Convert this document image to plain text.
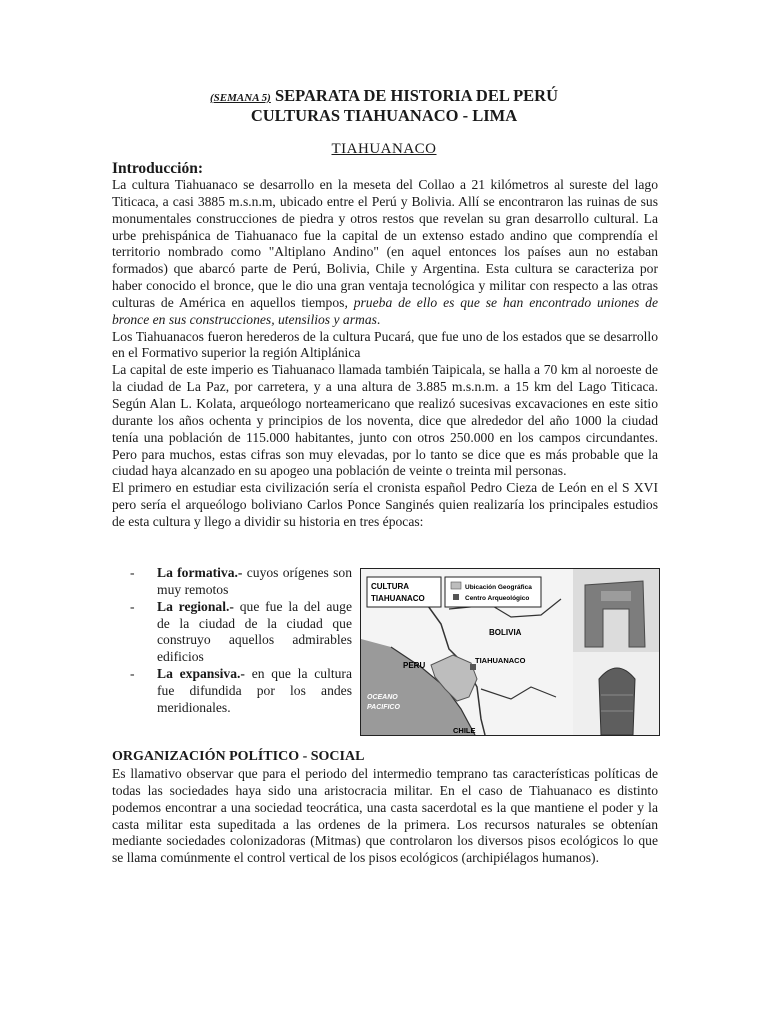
(SEMANA 5) SEPARATA DE HISTORIA DEL PERÚ
CULTURAS TIAHUANACO - LIMA
TIAHUANACO
Introducción:

La cultura Tiahuanaco se desarrollo en la meseta del Collao a 21 kilómetros al sureste del lago Titicaca, a casi 3885 m.s.n.m, ubicado entre el Perú y Bolivia. Allí se encontraron las ruinas de sus monumentales construcciones de piedra y otros restos que revelan su gran desarrollo cultural. La urbe prehispánica de Tiahuanaco fue la capital de un extenso estado andino que comprendía el territorio nombrado como "Altiplano Andino" (en aquel entonces los países aun no estaban formados) que abarcó parte de Perú, Bolivia, Chile y Argentina. Esta cultura se caracteriza por haber conocido el bronce, que le dio una gran ventaja tecnológica y militar con respecto a las otras culturas de América en aquellos tiempos, prueba de ello es que se han encontrado uniones de bronce en sus construcciones, utensilios y armas.

Los Tiahuanacos fueron herederos de la cultura Pucará, que fue uno de los estados que se desarrollo en el Formativo superior la región Altiplánica

La capital de este imperio es Tiahuanaco llamada también Taipicala, se halla a 70 km al noroeste de la ciudad de La Paz, por carretera, y a una altura de 3.885 m.s.n.m. a 15 km del Lago Titicaca. Según Alan L. Kolata, arqueólogo norteamericano que realizó sucesivas excavaciones en este sitio durante los años ochenta y principios de los noventa, dice que alrededor del año 1000 la ciudad tenía una población de 115.000 habitantes, junto con otros 250.000 en los campos circundantes. Pero para muchos, estas cifras son muy elevadas, por lo tanto se dice que es más probable que la ciudad haya alcanzado en su apogeo una población de veinte o treinta mil personas.

El primero en estudiar esta civilización sería el cronista español Pedro Cieza de León en el S XVI pero sería el arqueólogo boliviano Carlos Ponce Sanginés quien realizaría los principales estudios de esta cultura y llego a dividir su historia en tres épocas:

- La formativa.- cuyos orígenes son muy remotos
- La regional.- que fue la del auge de la ciudad de la ciudad que construyo aquellos admirables edificios
- La expansiva.- en que la cultura fue difundida por los andes meridionales.
CULTURA
TIAHUANACO
Ubicación Geográfica
Centro Arqueológico
BOLIVIA
PERU
TIAHUANACO
OCEANO
PACIFICO
CHILE
ORGANIZACIÓN POLÍTICO - SOCIAL

Es llamativo observar que para el periodo del intermedio temprano tas características políticas de todas las sociedades haya sido una aristocracia militar. En el caso de Tiahuanaco es distinto podemos encontrar a una sociedad teocrática, una casta sacerdotal es la que mantiene el poder y la casta militar esta supeditada a las ordenes de la primera. Los recursos naturales se obtenían mediante sociedades colonizadoras (Mitmas) que controlaron los diversos pisos ecológicos lo que se llama comúnmente el control vertical de los pisos ecológicos (archipiélagos humanos).
